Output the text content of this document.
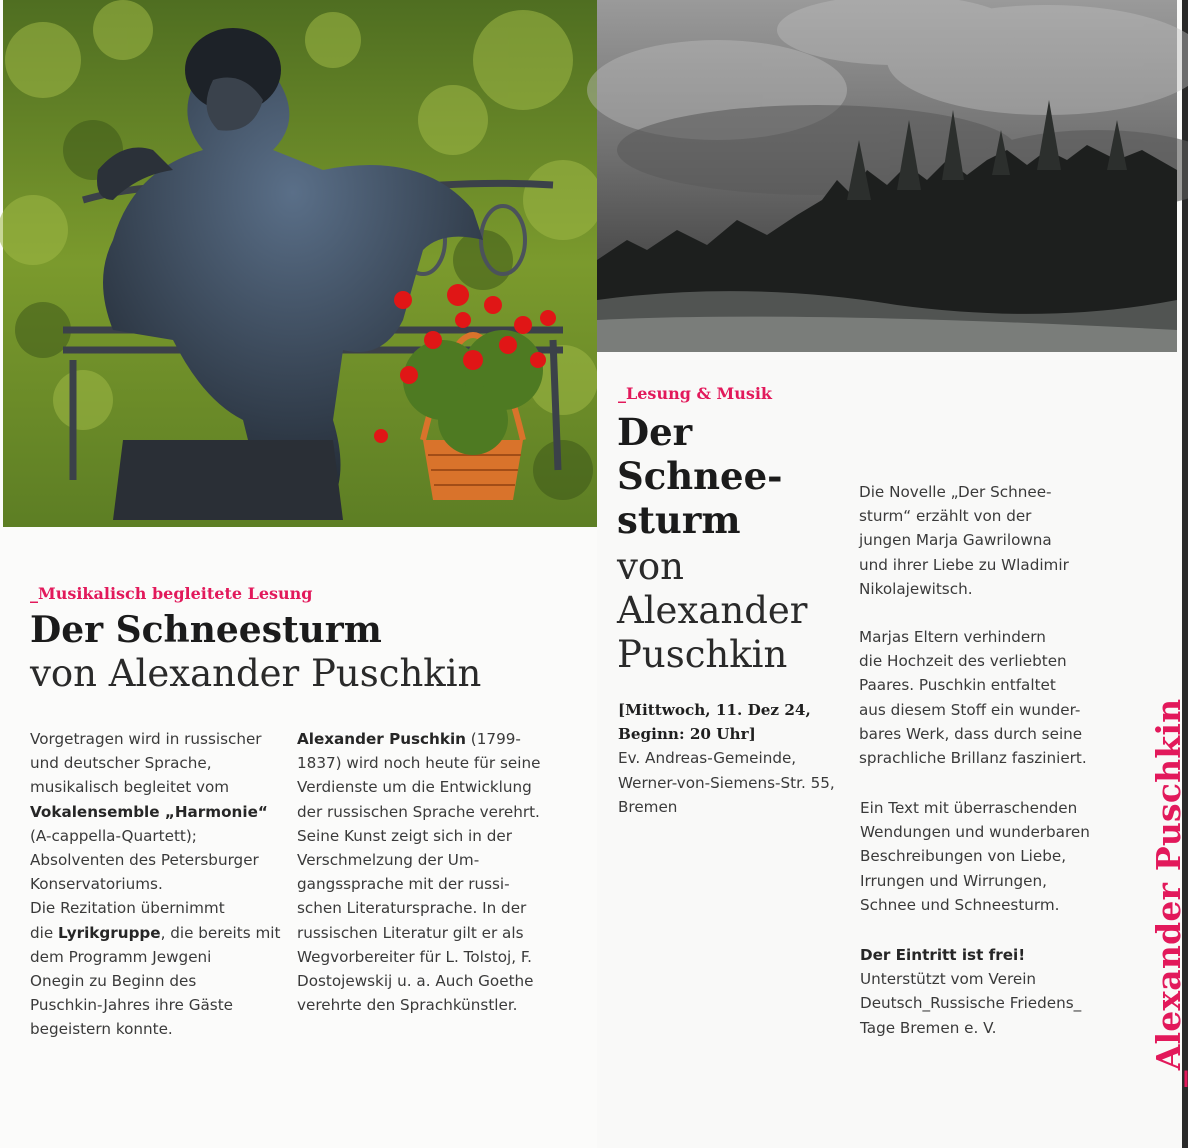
_Musikalisch begleitete Lesung
Der Schneesturm
von Alexander Puschkin

Vorgetragen wird in russischer

und deutscher Sprache,

musikalisch begleitet vom

Vokalensemble „Harmonie“

(A-cappella-Quartett);

Absolventen des Petersburger

Konservatoriums.

Die Rezitation übernimmt

die Lyrikgruppe, die bereits mit

dem Programm Jewgeni

Onegin zu Beginn des

Puschkin-Jahres ihre Gäste

begeistern konnte.

Alexander Puschkin (1799-

1837) wird noch heute für seine

Verdienste um die Entwicklung

der russischen Sprache verehrt.

Seine Kunst zeigt sich in der

Verschmelzung der Um-

gangssprache mit der russi-

schen Literatursprache. In der

russischen Literatur gilt er als

Wegvorbereiter für L. Tolstoj, F.

Dostojewskij u. a. Auch Goethe

verehrte den Sprachkünstler.

_Lesung & Musik
Der
Schnee-
sturm
von
Alexander
Puschkin

[Mittwoch, 11. Dez 24,

Beginn: 20 Uhr]

Ev. Andreas-Gemeinde,

Werner-von-Siemens-Str. 55,

Bremen

Die Novelle „Der Schnee-

sturm“ erzählt von der

jungen Marja Gawrilowna

und ihrer Liebe zu Wladimir

Nikolajewitsch.

Marjas Eltern verhindern

die Hochzeit des verliebten

Paares. Puschkin entfaltet

aus diesem Stoff ein wunder-

bares Werk, dass durch seine

sprachliche Brillanz fasziniert.

Ein Text mit überraschenden

Wendungen und wunderbaren

Beschreibungen von Liebe,

Irrungen und Wirrungen,

Schnee und Schneesturm.

Der Eintritt ist frei!

Unterstützt vom Verein

Deutsch_Russische Friedens_

Tage Bremen e. V.	_Alexander Puschkin
